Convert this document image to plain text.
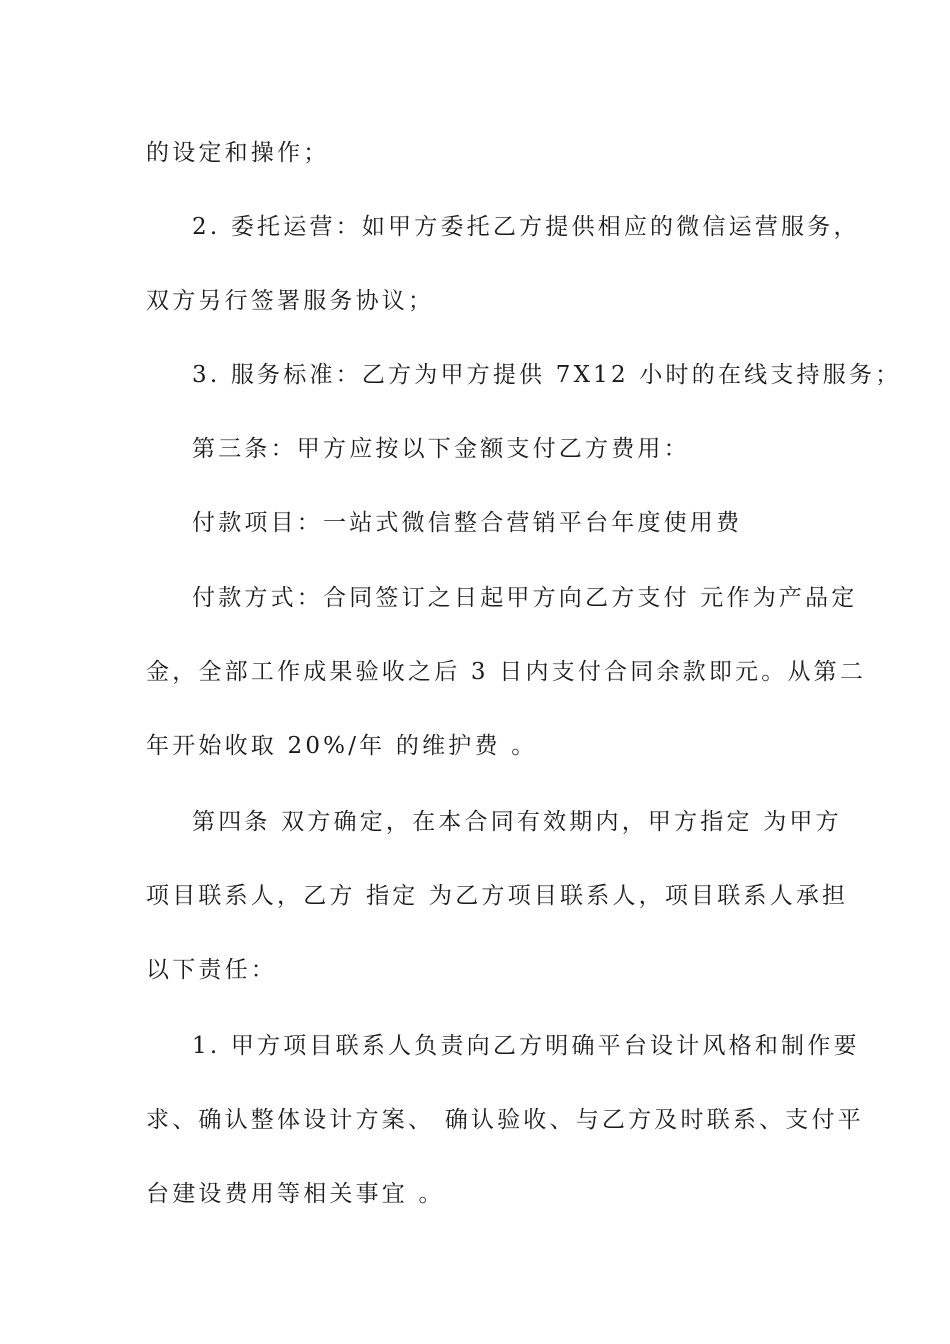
的设定和操作；
2. 委托运营：如甲方委托乙方提供相应的微信运营服务，
双方另行签署服务协议；
3. 服务标准：乙方为甲方提供 7X12 小时的在线支持服务；
第三条：甲方应按以下金额支付乙方费用：
付款项目：一站式微信整合营销平台年度使用费
付款方式：合同签订之日起甲方向乙方支付 元作为产品定
金，全部工作成果验收之后 3 日内支付合同余款即元。从第二
年开始收取 20%/年 的维护费 。
第四条 双方确定，在本合同有效期内，甲方指定 为甲方
项目联系人，乙方 指定 为乙方项目联系人，项目联系人承担
以下责任：
1. 甲方项目联系人负责向乙方明确平台设计风格和制作要
求、确认整体设计方案、 确认验收、与乙方及时联系、支付平
台建设费用等相关事宜 。
